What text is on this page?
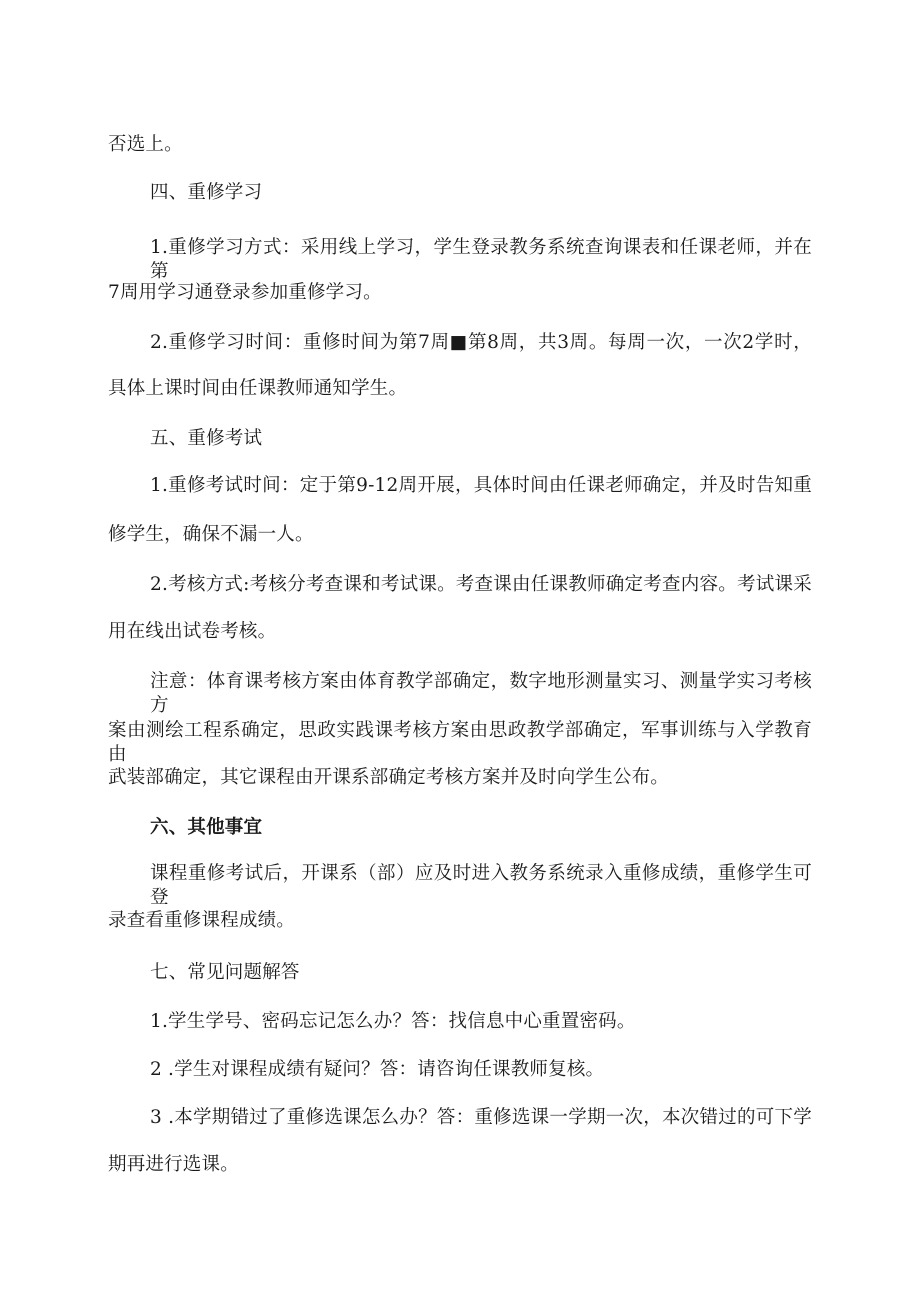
否选上。
四、重修学习
1.重修学习方式：采用线上学习，学生登录教务系统查询课表和任课老师，并在第
7周用学习通登录参加重修学习。
2.重修学习时间：重修时间为第7周■第8周，共3周。每周一次，一次2学时，
具体上课时间由任课教师通知学生。
五、重修考试
1.重修考试时间：定于第9-12周开展，具体时间由任课老师确定，并及时告知重
修学生，确保不漏一人。
2.考核方式:考核分考查课和考试课。考查课由任课教师确定考查内容。考试课采
用在线出试卷考核。
注意：体育课考核方案由体育教学部确定，数字地形测量实习、测量学实习考核方
案由测绘工程系确定，思政实践课考核方案由思政教学部确定，军事训练与入学教育由
武装部确定，其它课程由开课系部确定考核方案并及时向学生公布。
六、其他事宜
课程重修考试后，开课系（部）应及时进入教务系统录入重修成绩，重修学生可登
录查看重修课程成绩。
七、常见问题解答
1.学生学号、密码忘记怎么办？答：找信息中心重置密码。
2 .学生对课程成绩有疑问？答：请咨询任课教师复核。
3 .本学期错过了重修选课怎么办？答：重修选课一学期一次，本次错过的可下学
期再进行选课。
